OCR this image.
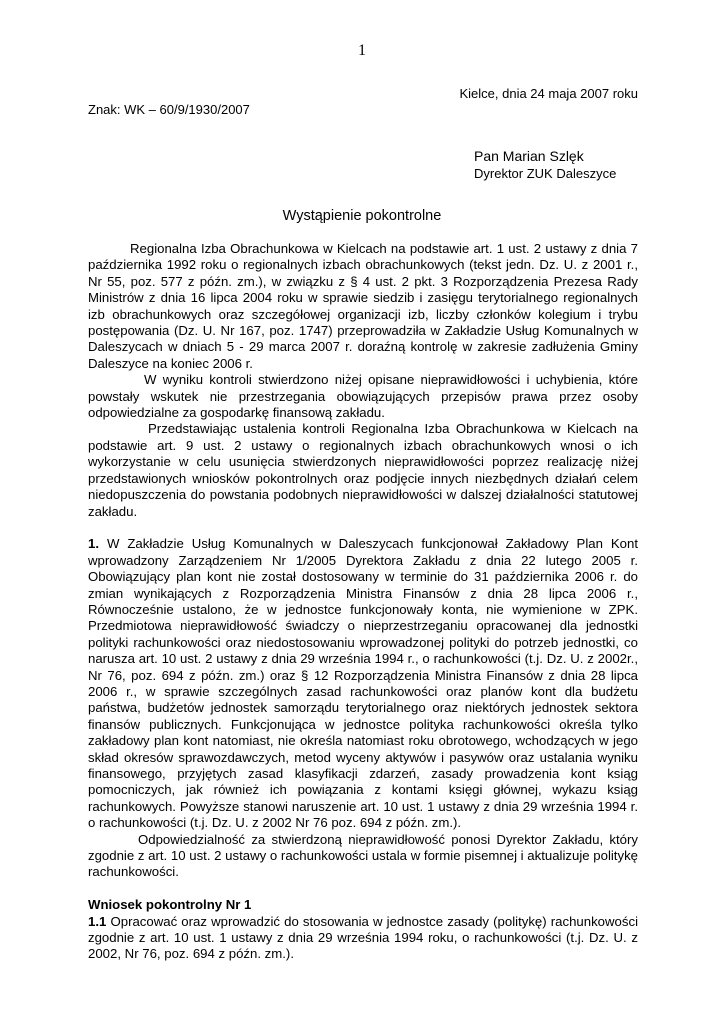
1
Kielce, dnia 24 maja 2007 roku
Znak: WK – 60/9/1930/2007
Pan Marian Szlęk
Dyrektor ZUK Daleszyce
Wystąpienie pokontrolne

Regionalna Izba Obrachunkowa w Kielcach na podstawie art. 1 ust. 2 ustawy z dnia 7 października 1992 roku o regionalnych izbach obrachunkowych (tekst jedn. Dz. U. z 2001 r., Nr 55, poz. 577 z późn. zm.), w związku z § 4 ust. 2 pkt. 3 Rozporządzenia Prezesa Rady Ministrów z dnia 16 lipca 2004 roku w sprawie siedzib i zasięgu terytorialnego regionalnych izb obrachunkowych oraz szczegółowej organizacji izb, liczby członków kolegium i trybu postępowania (Dz. U. Nr 167, poz. 1747) przeprowadziła w Zakładzie Usług Komunalnych w Daleszycach w dniach 5 - 29 marca 2007 r. doraźną kontrolę w zakresie zadłużenia Gminy Daleszyce na koniec 2006 r.

W wyniku kontroli stwierdzono niżej opisane nieprawidłowości i uchybienia, które powstały wskutek nie przestrzegania obowiązujących przepisów prawa przez osoby odpowiedzialne za gospodarkę finansową zakładu.

Przedstawiając ustalenia kontroli Regionalna Izba Obrachunkowa w Kielcach na podstawie art. 9 ust. 2 ustawy o regionalnych izbach obrachunkowych wnosi o ich wykorzystanie w celu usunięcia stwierdzonych nieprawidłowości poprzez realizację niżej przedstawionych wniosków pokontrolnych oraz podjęcie innych niezbędnych działań celem niedopuszczenia do powstania podobnych nieprawidłowości w dalszej działalności statutowej zakładu.

1. W Zakładzie Usług Komunalnych w Daleszycach funkcjonował Zakładowy Plan Kont wprowadzony Zarządzeniem Nr 1/2005 Dyrektora Zakładu z dnia 22 lutego 2005 r. Obowiązujący plan kont nie został dostosowany w terminie do 31 października 2006 r. do zmian wynikających z Rozporządzenia Ministra Finansów z dnia 28 lipca 2006 r., Równocześnie ustalono, że w jednostce funkcjonowały konta, nie wymienione w ZPK. Przedmiotowa nieprawidłowość świadczy o nieprzestrzeganiu opracowanej dla jednostki polityki rachunkowości oraz niedostosowaniu wprowadzonej polityki do potrzeb jednostki, co narusza art. 10 ust. 2 ustawy z dnia 29 września 1994 r., o rachunkowości (t.j. Dz. U. z 2002r., Nr 76, poz. 694 z późn. zm.) oraz § 12 Rozporządzenia Ministra Finansów z dnia 28 lipca 2006 r., w sprawie szczególnych zasad rachunkowości oraz planów kont dla budżetu państwa, budżetów jednostek samorządu terytorialnego oraz niektórych jednostek sektora finansów publicznych. Funkcjonująca w jednostce polityka rachunkowości określa tylko zakładowy plan kont natomiast, nie określa natomiast roku obrotowego, wchodzących w jego skład okresów sprawozdawczych, metod wyceny aktywów i pasywów oraz ustalania wyniku finansowego, przyjętych zasad klasyfikacji zdarzeń, zasady prowadzenia kont ksiąg pomocniczych, jak również ich powiązania z kontami księgi głównej, wykazu ksiąg rachunkowych. Powyższe stanowi naruszenie art. 10 ust. 1 ustawy z dnia 29 września 1994 r. o rachunkowości (t.j. Dz. U. z 2002 Nr 76 poz. 694 z późn. zm.).

Odpowiedzialność za stwierdzoną nieprawidłowość ponosi Dyrektor Zakładu, który zgodnie z art. 10 ust. 2 ustawy o rachunkowości ustala w formie pisemnej i aktualizuje politykę rachunkowości.

Wniosek pokontrolny Nr 1

1.1 Opracować oraz wprowadzić do stosowania w jednostce zasady (politykę) rachunkowości zgodnie z art. 10 ust. 1 ustawy z dnia 29 września 1994 roku, o rachunkowości (t.j. Dz. U. z 2002, Nr 76, poz. 694 z późn. zm.).
